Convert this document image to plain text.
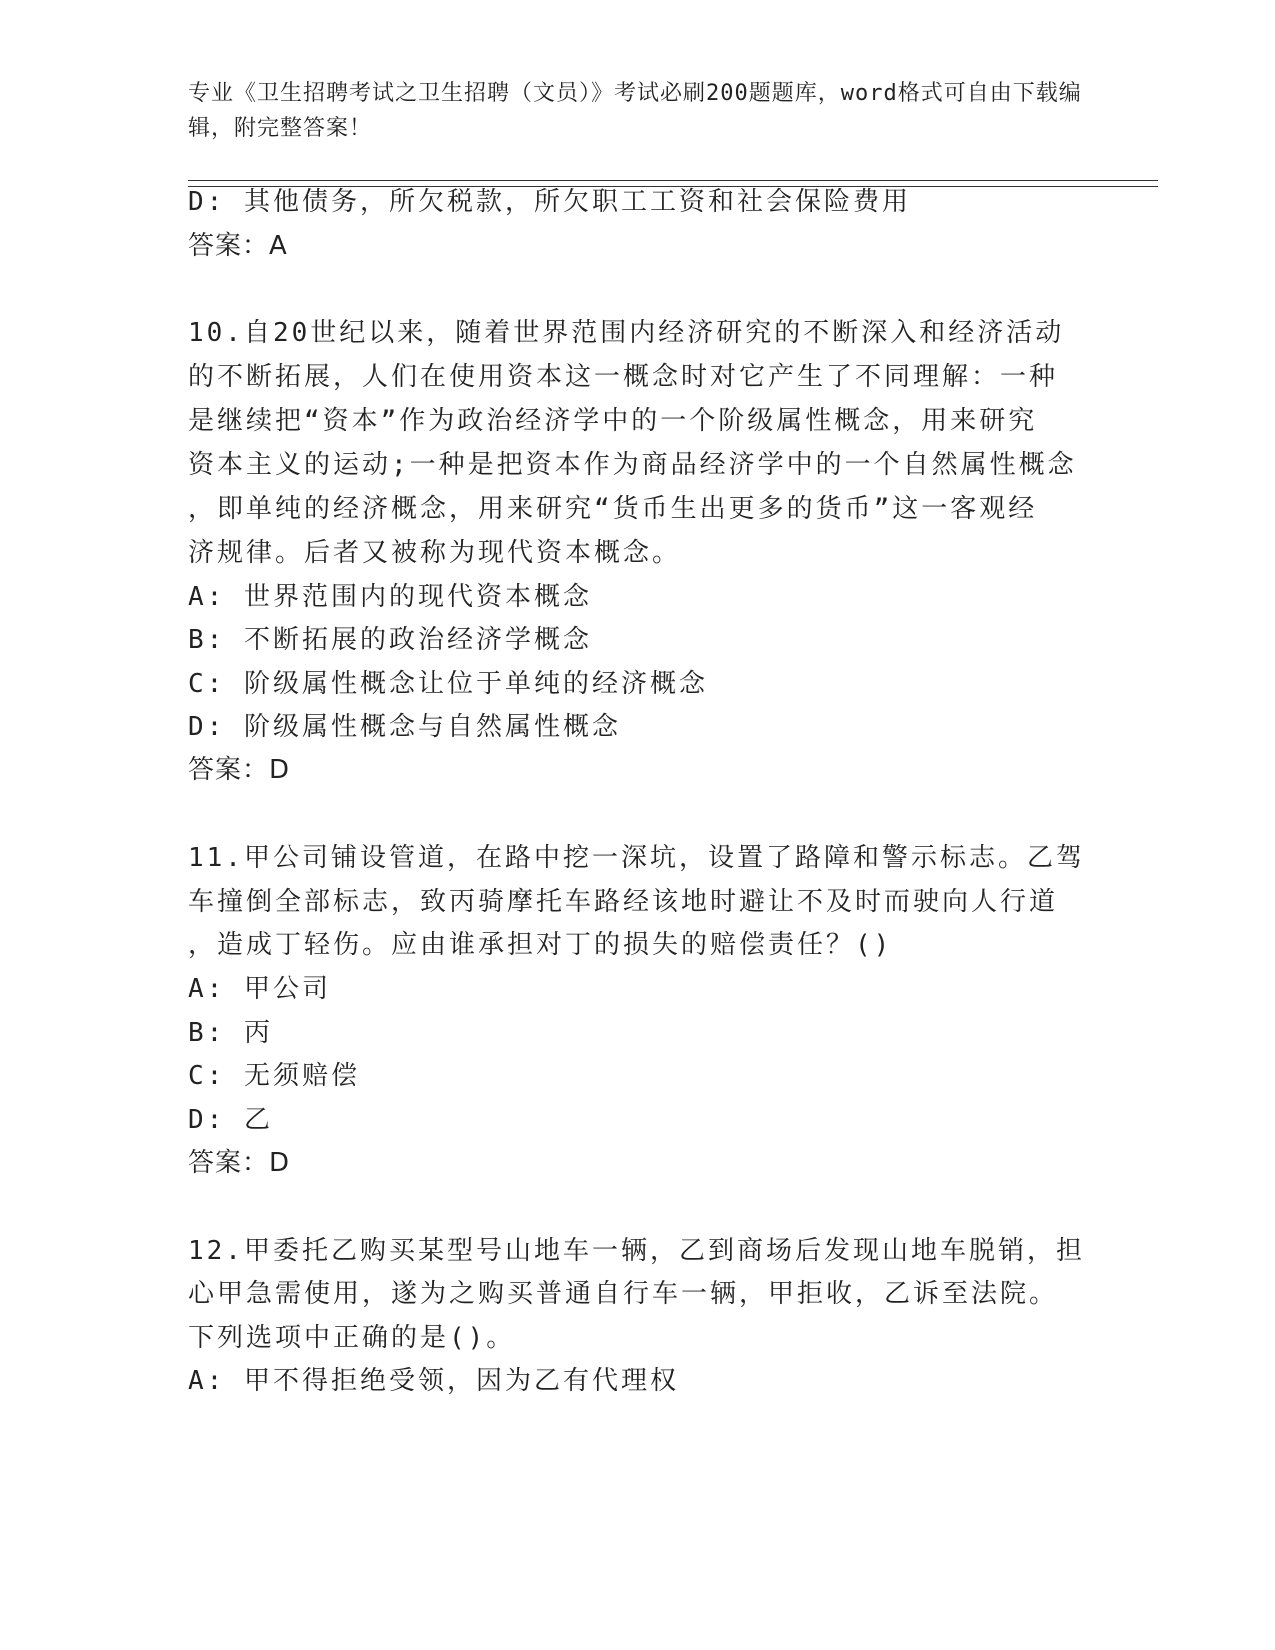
专业《卫生招聘考试之卫生招聘（文员）》考试必刷200题题库，word格式可自由下载编辑，附完整答案！
D: 其他债务，所欠税款，所欠职工工资和社会保险费用
答案：A
10.自20世纪以来，随着世界范围内经济研究的不断深入和经济活动
的不断拓展，人们在使用资本这一概念时对它产生了不同理解：一种
是继续把“资本”作为政治经济学中的一个阶级属性概念，用来研究
资本主义的运动;一种是把资本作为商品经济学中的一个自然属性概念
，即单纯的经济概念，用来研究“货币生出更多的货币”这一客观经
济规律。后者又被称为现代资本概念。
A: 世界范围内的现代资本概念
B: 不断拓展的政治经济学概念
C: 阶级属性概念让位于单纯的经济概念
D: 阶级属性概念与自然属性概念
答案：D
11.甲公司铺设管道，在路中挖一深坑，设置了路障和警示标志。乙驾
车撞倒全部标志，致丙骑摩托车路经该地时避让不及时而驶向人行道
，造成丁轻伤。应由谁承担对丁的损失的赔偿责任？()
A: 甲公司
B: 丙
C: 无须赔偿
D: 乙
答案：D
12.甲委托乙购买某型号山地车一辆，乙到商场后发现山地车脱销，担
心甲急需使用，遂为之购买普通自行车一辆，甲拒收，乙诉至法院。
下列选项中正确的是()。
A: 甲不得拒绝受领，因为乙有代理权
